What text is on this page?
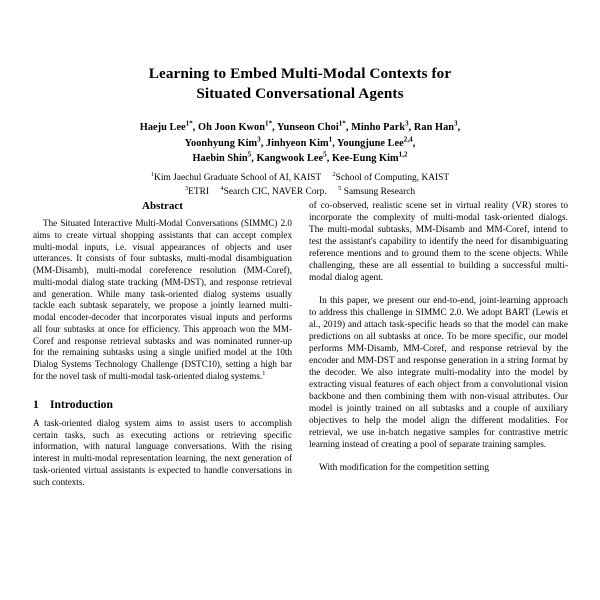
Learning to Embed Multi-Modal Contexts for
Situated Conversational Agents
Haeju Lee$^{1*}$, Oh Joon Kwon$^{1*}$, Yunseon Choi$^{1*}$, Minho Park$^3$, Ran Han$^3$,
Yoonhyung Kim$^3$, Jinhyeon Kim$^1$, Youngjune Lee$^{2,4}$,
Haebin Shin$^5$, Kangwook Lee$^5$, Kee-Eung Kim$^{1,2}$
$^1$Kim Jaechul Graduate School of AI, KAIST $^2$School of Computing, KAIST
$^3$ETRI $^4$Search CIC, NAVER Corp. $^5$ Samsung Research
Abstract

The Situated Interactive Multi-Modal Conversations (SIMMC) 2.0 aims to create virtual shopping assistants that can accept complex multi-modal inputs, i.e. visual appearances of objects and user utterances. It consists of four subtasks, multi-modal disambiguation (MM-Disamb), multi-modal coreference resolution (MM-Coref), multi-modal dialog state tracking (MM-DST), and response retrieval and generation. While many task-oriented dialog systems usually tackle each subtask separately, we propose a jointly learned multi-modal encoder-decoder that incorporates visual inputs and performs all four subtasks at once for efficiency. This approach won the MM-Coref and response retrieval subtasks and was nominated runner-up for the remaining subtasks using a single unified model at the 10th Dialog Systems Technology Challenge (DSTC10), setting a high bar for the novel task of multi-modal task-oriented dialog systems.$^1$

1 Introduction

A task-oriented dialog system aims to assist users to accomplish certain tasks, such as executing actions or retrieving specific information, with natural language conversations. With the rising interest in multi-modal representation learning, the next generation of task-oriented virtual assistants is expected to handle conversations in such contexts.

of co-observed, realistic scene set in virtual reality (VR) stores to incorporate the complexity of multi-modal task-oriented dialogs. The multi-modal subtasks, MM-Disamb and MM-Coref, intend to test the assistant's capability to identify the need for disambiguating reference mentions and to ground them to the scene objects. While challenging, these are all essential to building a successful multi-modal dialog agent.

In this paper, we present our end-to-end, joint-learning approach to address this challenge in SIMMC 2.0. We adopt BART (Lewis et al., 2019) and attach task-specific heads so that the model can make predictions on all subtasks at once. To be more specific, our model performs MM-Disamb, MM-Coref, and response retrieval by the encoder and MM-DST and response generation in a string format by the decoder. We also integrate multi-modality into the model by extracting visual features of each object from a convolutional vision backbone and then combining them with non-visual attributes. Our model is jointly trained on all subtasks and a couple of auxiliary objectives to help the model align the different modalities. For retrieval, we use in-batch negative samples for contrastive metric learning instead of creating a pool of separate training samples.

With modification for the competition setting
